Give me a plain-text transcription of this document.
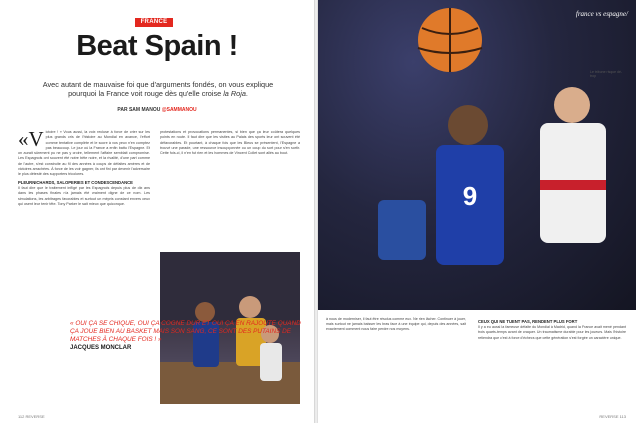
FRANCE
Beat Spain !
Avec autant de mauvaise foi que d'arguments fondés, on vous explique pourquoi la France voit rouge dès qu'elle croise la Roja.
PAR SAM MANOU @SAMMANOU
«V ictoire ! » Vous aussi, la voix recluse à force de crier sur les plus grands cris de l'histoire au Mondial en avance, l'effort comme tentative complète et le score à vos yeux n'en comptez pas beaucoup. Le jour où la France a enfin battu l'Espagne. Et on aurait sûrement pu ne pas y croire, tellement l'affaire semblait compromise. Les Espagnols ont souvent été notre bête noire, et la rivalité, d'une part comme de l'autre, s'est construite au fil des années à coups de défaites amères et de victoires arrachées. À force de les voir gagner, ils ont fini par devenir l'adversaire le plus détesté des supporters tricolores.

PLEURNICHARDS, SALOPERIES ET CONDESCENDANCE

Il faut dire que le traitement infligé par les Espagnols depuis plus de dix ans dans les phases finales n'a jamais été vraiment digne de ce nom. Les simulations, les arbitrages favorables et surtout un mépris constant envers ceux qui osent leur tenir tête. Tony Parker le sait mieux que quiconque.

protestations et provocations permanentes, si bien que ça leur coûtera quelques points en route. Il faut dire que les visites au Palais des sports leur ont souvent été défavorables. Et pourtant, à chaque fois que les Bleus se présentent, l'Espagne a trouvé une parade, une ressource insoupçonnée ou un coup du sort pour s'en sortir. Cette fois-ci, il n'en fut rien et les hommes de Vincent Collet sont allés au bout.

112 REVERSE
9
france vs espagne/
Le tribune risque dé-trop
« OUI ÇA SE CHIQUE, OUI ÇA COGNE DUR ET OUI ÇA EN RAJOUTE QUAND ÇA JOUE BIEN AU BASKET MAIS SON SANG, CE SONT DES PUTAINS DE MATCHES À CHAQUE FOIS ! »
JACQUES MONCLAR

à nous de moderniser, il faut être résolus comme eux. Ne rien lâcher. Continuer à jouer, mais surtout ne jamais baisser les bras face à une équipe qui, depuis des années, sait exactement comment nous faire perdre nos moyens.

CEUX QUI NE TUENT PAS, RENDENT PLUS FORT

Il y a eu aussi la fameuse défaite du Mondial à Madrid, quand la France avait mené pendant trois quarts-temps avant de craquer. Un traumatisme durable pour les joueurs. Mais l'histoire retiendra que c'est à force d'échecs que cette génération s'est forgée un caractère unique.

REVERSE 113
